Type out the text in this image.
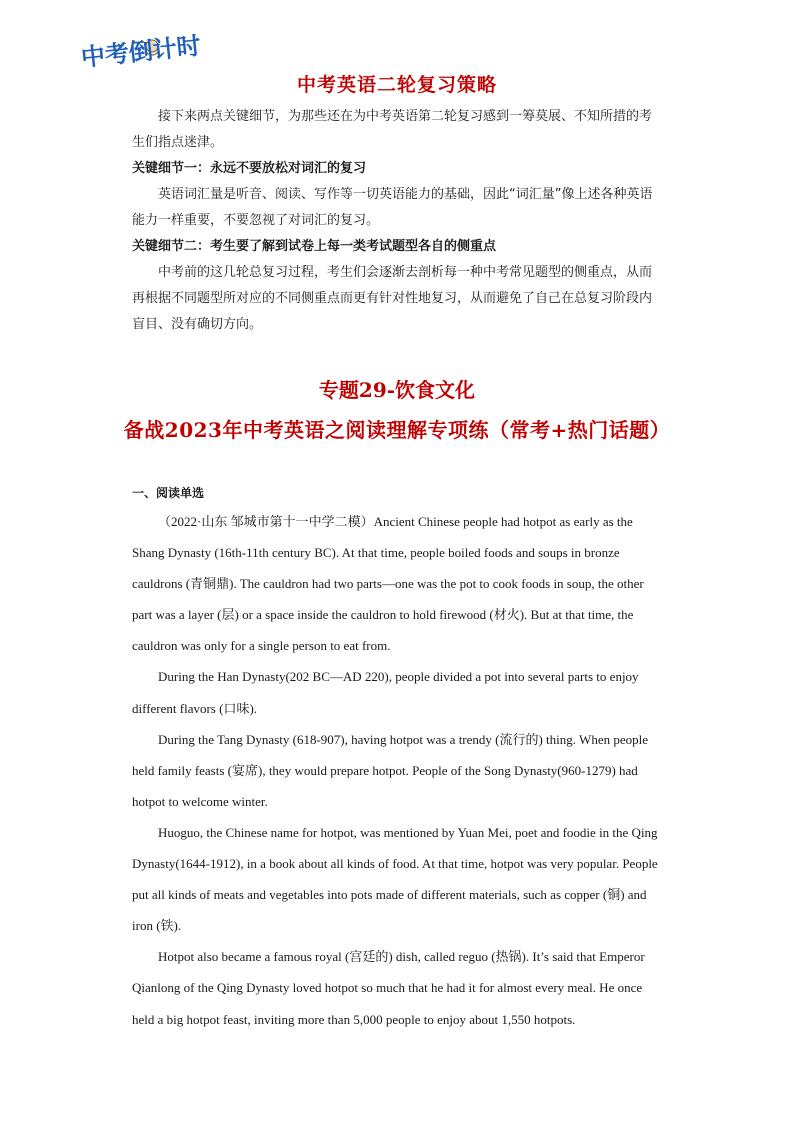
中考倒计时
中考英语二轮复习策略

接下来两点关键细节，为那些还在为中考英语第二轮复习感到一筹莫展、不知所措的考生们指点迷津。

关键细节一：永远不要放松对词汇的复习

英语词汇量是听音、阅读、写作等一切英语能力的基础，因此“词汇量”像上述各种英语能力一样重要，不要忽视了对词汇的复习。

关键细节二：考生要了解到试卷上每一类考试题型各自的侧重点

中考前的这几轮总复习过程，考生们会逐渐去剖析每一种中考常见题型的侧重点，从而再根据不同题型所对应的不同侧重点而更有针对性地复习，从而避免了自己在总复习阶段内盲目、没有确切方向。

专题29-饮食文化
备战2023年中考英语之阅读理解专项练（常考+热门话题）
一、阅读单选

（2022·山东 邹城市第十一中学二模）Ancient Chinese people had hotpot as early as the Shang Dynasty (16th-11th century BC). At that time, people boiled foods and soups in bronze cauldrons (青铜鼎). The cauldron had two parts—one was the pot to cook foods in soup, the other part was a layer (层) or a space inside the cauldron to hold firewood (材火). But at that time, the cauldron was only for a single person to eat from.

During the Han Dynasty(202 BC—AD 220), people divided a pot into several parts to enjoy different flavors (口味).

During the Tang Dynasty (618-907), having hotpot was a trendy (流行的) thing. When people held family feasts (宴席), they would prepare hotpot. People of the Song Dynasty(960-1279) had hotpot to welcome winter.

Huoguo, the Chinese name for hotpot, was mentioned by Yuan Mei, poet and foodie in the Qing Dynasty(1644-1912), in a book about all kinds of food. At that time, hotpot was very popular. People put all kinds of meats and vegetables into pots made of different materials, such as copper (铜) and iron (铁).

Hotpot also became a famous royal (宫廷的) dish, called reguo (热锅). It’s said that Emperor Qianlong of the Qing Dynasty loved hotpot so much that he had it for almost every meal. He once held a big hotpot feast, inviting more than 5,000 people to enjoy about 1,550 hotpots.
